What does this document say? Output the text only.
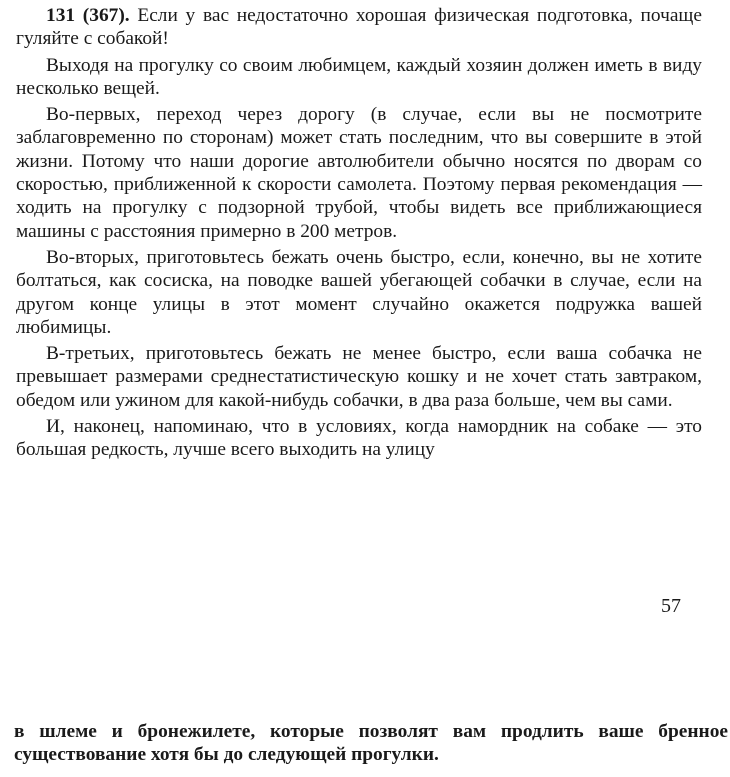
131 (367). Если у вас недостаточно хорошая физическая подготовка, почаще гуляйте с собакой!

Выходя на прогулку со своим любимцем, каждый хозяин должен иметь в виду несколько вещей.

Во-первых, переход через дорогу (в случае, если вы не посмотрите заблаговременно по сторонам) может стать последним, что вы совершите в этой жизни. Потому что наши дорогие автолюбители обычно носятся по дворам со скоростью, приближенной к скорости самолета. Поэтому первая рекомендация — ходить на прогулку с подзорной трубой, чтобы видеть все приближающиеся машины с расстояния примерно в 200 метров.

Во-вторых, приготовьтесь бежать очень быстро, если, конечно, вы не хотите болтаться, как сосиска, на поводке вашей убегающей собачки в случае, если на другом конце улицы в этот момент случайно окажется подружка вашей любимицы.

В-третьих, приготовьтесь бежать не менее быстро, если ваша собачка не превышает размерами среднестатистическую кошку и не хочет стать завтраком, обедом или ужином для какой-нибудь собачки, в два раза больше, чем вы сами.

И, наконец, напоминаю, что в условиях, когда намордник на собаке — это большая редкость, лучше всего выходить на улицу

57

в шлеме и бронежилете, которые позволят вам продлить ваше бренное существование хотя бы до следующей прогулки.
